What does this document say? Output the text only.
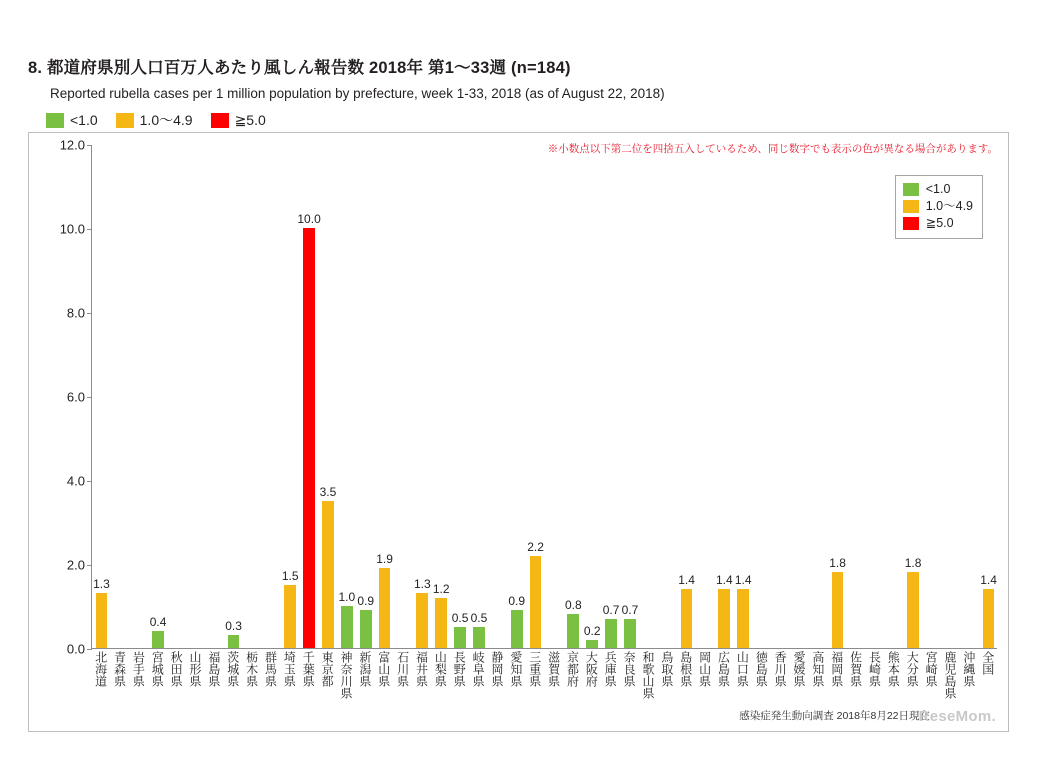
8. 都道府県別人口百万人あたり風しん報告数 2018年 第1〜33週 (n=184)
Reported rubella cases per 1 million population by prefecture, week 1-33, 2018 (as of August 22, 2018)
<1.0	1.0〜4.9	≧5.0
※小数点以下第二位を四捨五入しているため、同じ数字でも表示の色が異なる場合があります。
<1.0
1.0〜4.9
≧5.0
1.3
0.4	0.3
1.5
10.0
3.5
1.0 0.9
1.9
1.3 1.2
0.5 0.5
0.9
2.2
0.8
0.2
0.7 0.7
1.4 1.4 1.4
1.8	1.8
1.4
0.0
2.0
4.0
6.0
8.0
10.0
12.0
北海道 青森県 岩手県 宮城県 秋田県 山形県 福島県 茨城県 栃木県 群馬県 埼玉県 千葉県 東京都 神奈川県 新潟県 富山県 石川県 福井県 山梨県 長野県 岐阜県 静岡県 愛知県 三重県 滋賀県 京都府 大阪府 兵庫県 奈良県 和歌山県 鳥取県 島根県 岡山県 広島県 山口県 徳島県 香川県 愛媛県 高知県 福岡県 佐賀県 長崎県 熊本県 大分県 宮崎県 鹿児島県 沖縄県 全国
感染症発生動向調査 2018年8月22日現在
ReseMom.
